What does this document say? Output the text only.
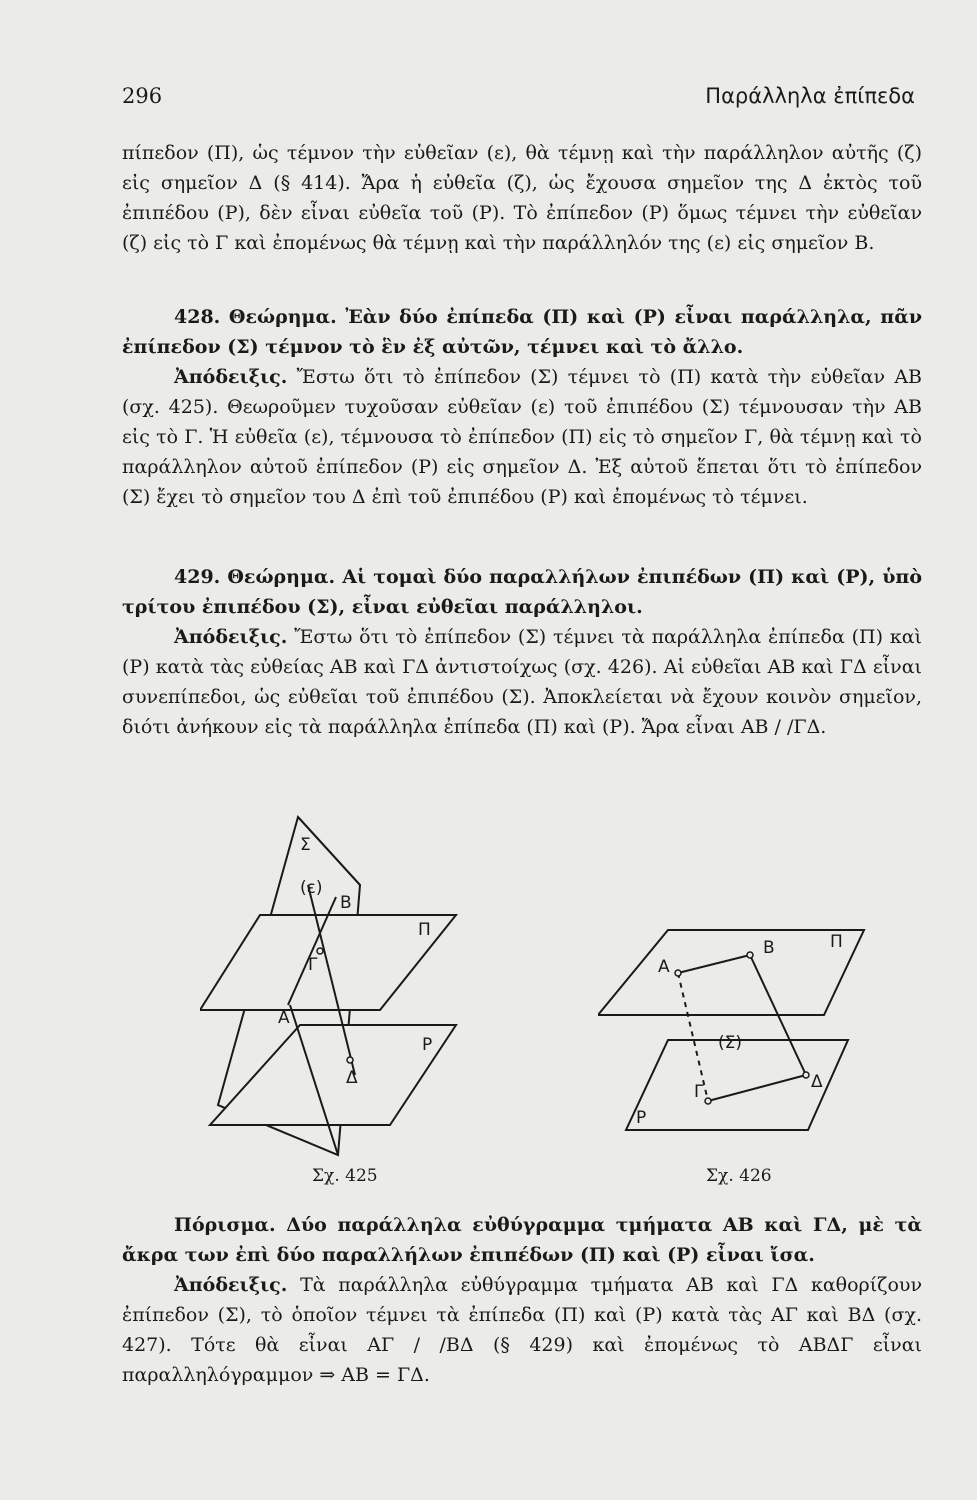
296	Παράλληλα ἐπίπεδα

πίπεδον (Π), ὡς τέμνον τὴν εὐθεῖαν (ε), θὰ τέμνῃ καὶ τὴν παράλληλον αὐτῆς (ζ) εἰς σημεῖον Δ (§ 414). Ἄρα ἡ εὐθεῖα (ζ), ὡς ἔχουσα σημεῖον της Δ ἐκτὸς τοῦ ἐπιπέδου (Ρ), δὲν εἶναι εὐθεῖα τοῦ (Ρ). Τὸ ἐπίπεδον (Ρ) ὅμως τέμνει τὴν εὐθεῖαν (ζ) εἰς τὸ Γ καὶ ἐπομένως θὰ τέμνῃ καὶ τὴν παράλληλόν της (ε) εἰς σημεῖον Β.

428. Θεώρημα. Ἐὰν δύο ἐπίπεδα (Π) καὶ (Ρ) εἶναι παράλληλα, πᾶν ἐπίπεδον (Σ) τέμνον τὸ ἓν ἐξ αὐτῶν, τέμνει καὶ τὸ ἄλλο.

Ἀπόδειξις. Ἔστω ὅτι τὸ ἐπίπεδον (Σ) τέμνει τὸ (Π) κατὰ τὴν εὐθεῖαν ΑΒ (σχ. 425). Θεωροῦμεν τυχοῦσαν εὐθεῖαν (ε) τοῦ ἐπιπέδου (Σ) τέμνουσαν τὴν ΑΒ εἰς τὸ Γ. Ἡ εὐθεῖα (ε), τέμνουσα τὸ ἐπίπεδον (Π) εἰς τὸ σημεῖον Γ, θὰ τέμνῃ καὶ τὸ παράλληλον αὐτοῦ ἐπίπεδον (Ρ) εἰς σημεῖον Δ. Ἐξ αὐτοῦ ἕπεται ὅτι τὸ ἐπίπεδον (Σ) ἔχει τὸ σημεῖον του Δ ἐπὶ τοῦ ἐπιπέδου (Ρ) καὶ ἐπομένως τὸ τέμνει.

429. Θεώρημα. Αἱ τομαὶ δύο παραλλήλων ἐπιπέδων (Π) καὶ (Ρ), ὑπὸ τρίτου ἐπιπέδου (Σ), εἶναι εὐθεῖαι παράλληλοι.

Ἀπόδειξις. Ἔστω ὅτι τὸ ἐπίπεδον (Σ) τέμνει τὰ παράλληλα ἐπίπεδα (Π) καὶ (Ρ) κατὰ τὰς εὐθείας ΑΒ καὶ ΓΔ ἀντιστοίχως (σχ. 426). Αἱ εὐθεῖαι ΑΒ καὶ ΓΔ εἶναι συνεπίπεδοι, ὡς εὐθεῖαι τοῦ ἐπιπέδου (Σ). Ἀποκλείεται νὰ ἔχουν κοινὸν σημεῖον, διότι ἀνήκουν εἰς τὰ παράλληλα ἐπίπεδα (Π) καὶ (Ρ). Ἄρα εἶναι ΑΒ / /ΓΔ.

Σ
(ε)
Β
Π
Γ
Α
Ρ
Δ
Σχ. 425
Α
Β	Π
(Σ)
Δ
Γ
Ρ
Σχ. 426

Πόρισμα. Δύο παράλληλα εὐθύγραμμα τμήματα ΑΒ καὶ ΓΔ, μὲ τὰ ἄκρα των ἐπὶ δύο παραλλήλων ἐπιπέδων (Π) καὶ (Ρ) εἶναι ἴσα.

Ἀπόδειξις. Τὰ παράλληλα εὐθύγραμμα τμήματα ΑΒ καὶ ΓΔ καθορίζουν ἐπίπεδον (Σ), τὸ ὁποῖον τέμνει τὰ ἐπίπεδα (Π) καὶ (Ρ) κατὰ τὰς ΑΓ καὶ ΒΔ (σχ. 427). Τότε θὰ εἶναι ΑΓ / /ΒΔ (§ 429) καὶ ἐπομένως τὸ ΑΒΔΓ εἶναι παραλληλόγραμμον ⇒ ΑΒ = ΓΔ.
